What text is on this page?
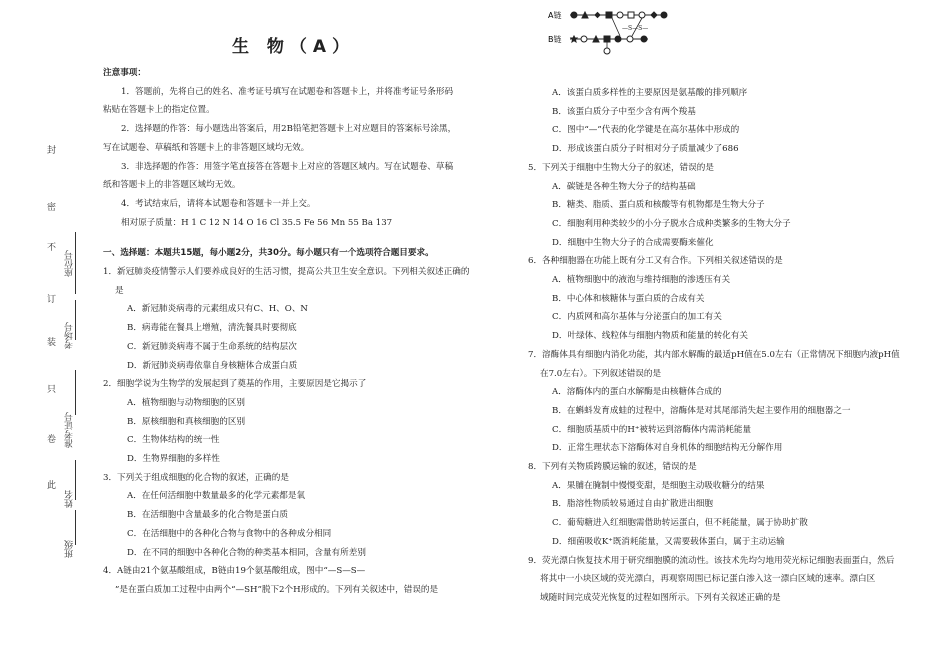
封
密
不
订
装
只
卷
此
座位号
考场号
准考证号
姓名
班级
生 物（A）
注意事项：
1．答题前，先将自己的姓名、准考证号填写在试题卷和答题卡上，并将准考证号条形码
粘贴在答题卡上的指定位置。
2．选择题的作答：每小题选出答案后，用2B铅笔把答题卡上对应题目的答案标号涂黑，
写在试题卷、草稿纸和答题卡上的非答题区域均无效。
3．非选择题的作答：用签字笔直接答在答题卡上对应的答题区域内。写在试题卷、草稿
纸和答题卡上的非答题区域均无效。
4．考试结束后，请将本试题卷和答题卡一并上交。
相对原子质量：H 1 C 12 N 14 O 16 Cl 35.5 Fe 56 Mn 55 Ba 137
一、选择题：本题共15题，每小题2分，共30分。每小题只有一个选项符合题目要求。
1．新冠肺炎疫情警示人们要养成良好的生活习惯，提高公共卫生安全意识。下列相关叙述正确的
是
A．新冠肺炎病毒的元素组成只有C、H、O、N
B．病毒能在餐具上增殖，清洗餐具时要彻底
C．新冠肺炎病毒不属于生命系统的结构层次
D．新冠肺炎病毒依靠自身核糖体合成蛋白质
2．细胞学说为生物学的发展起到了奠基的作用，主要原因是它揭示了
A．植物细胞与动物细胞的区别
B．原核细胞和真核细胞的区别
C．生物体结构的统一性
D．生物界细胞的多样性
3．下列关于组成细胞的化合物的叙述，正确的是
A．在任何活细胞中数量最多的化学元素都是氧
B．在活细胞中含量最多的化合物是蛋白质
C．在活细胞中的各种化合物与食物中的各种成分相同
D．在不同的细胞中各种化合物的种类基本相同，含量有所差别
4．A链由21个氨基酸组成，B链由19个氨基酸组成，图中“—S—S—
”是在蛋白质加工过程中由两个“—SH”脱下2个H形成的。下列有关叙述中，错误的是
A链
B链
—S—S—
A．该蛋白质多样性的主要原因是氨基酸的排列顺序
B．该蛋白质分子中至少含有两个羧基
C．图中“—”代表的化学键是在高尔基体中形成的
D．形成该蛋白质分子时相对分子质量减少了686
5．下列关于细胞中生物大分子的叙述，错误的是
A．碳链是各种生物大分子的结构基础
B．糖类、脂质、蛋白质和核酸等有机物都是生物大分子
C．细胞利用种类较少的小分子脱水合成种类繁多的生物大分子
D．细胞中生物大分子的合成需要酶来催化
6．各种细胞器在功能上既有分工又有合作。下列相关叙述错误的是
A．植物细胞中的液泡与维持细胞的渗透压有关
B．中心体和核糖体与蛋白质的合成有关
C．内质网和高尔基体与分泌蛋白的加工有关
D．叶绿体、线粒体与细胞内物质和能量的转化有关
7．溶酶体具有细胞内消化功能，其内部水解酶的最适pH值在5.0左右（正常情况下细胞内液pH值
在7.0左右）。下列叙述错误的是
A．溶酶体内的蛋白水解酶是由核糖体合成的
B．在蝌蚪发育成蛙的过程中，溶酶体是对其尾部消失起主要作用的细胞器之一
C．细胞质基质中的H⁺被转运到溶酶体内需消耗能量
D．正常生理状态下溶酶体对自身机体的细胞结构无分解作用
8．下列有关物质跨膜运输的叙述，错误的是
A．果脯在腌制中慢慢变甜，是细胞主动吸收糖分的结果
B．脂溶性物质较易通过自由扩散进出细胞
C．葡萄糖进入红细胞需借助转运蛋白，但不耗能量，属于协助扩散
D．细菌吸收K⁺既消耗能量，又需要载体蛋白，属于主动运输
9．荧光漂白恢复技术用于研究细胞膜的流动性。该技术先均匀地用荧光标记细胞表面蛋白，然后
将其中一小块区域的荧光漂白，再观察周围已标记蛋白渗入这一漂白区域的速率。漂白区
域随时间完成荧光恢复的过程如图所示。下列有关叙述正确的是
